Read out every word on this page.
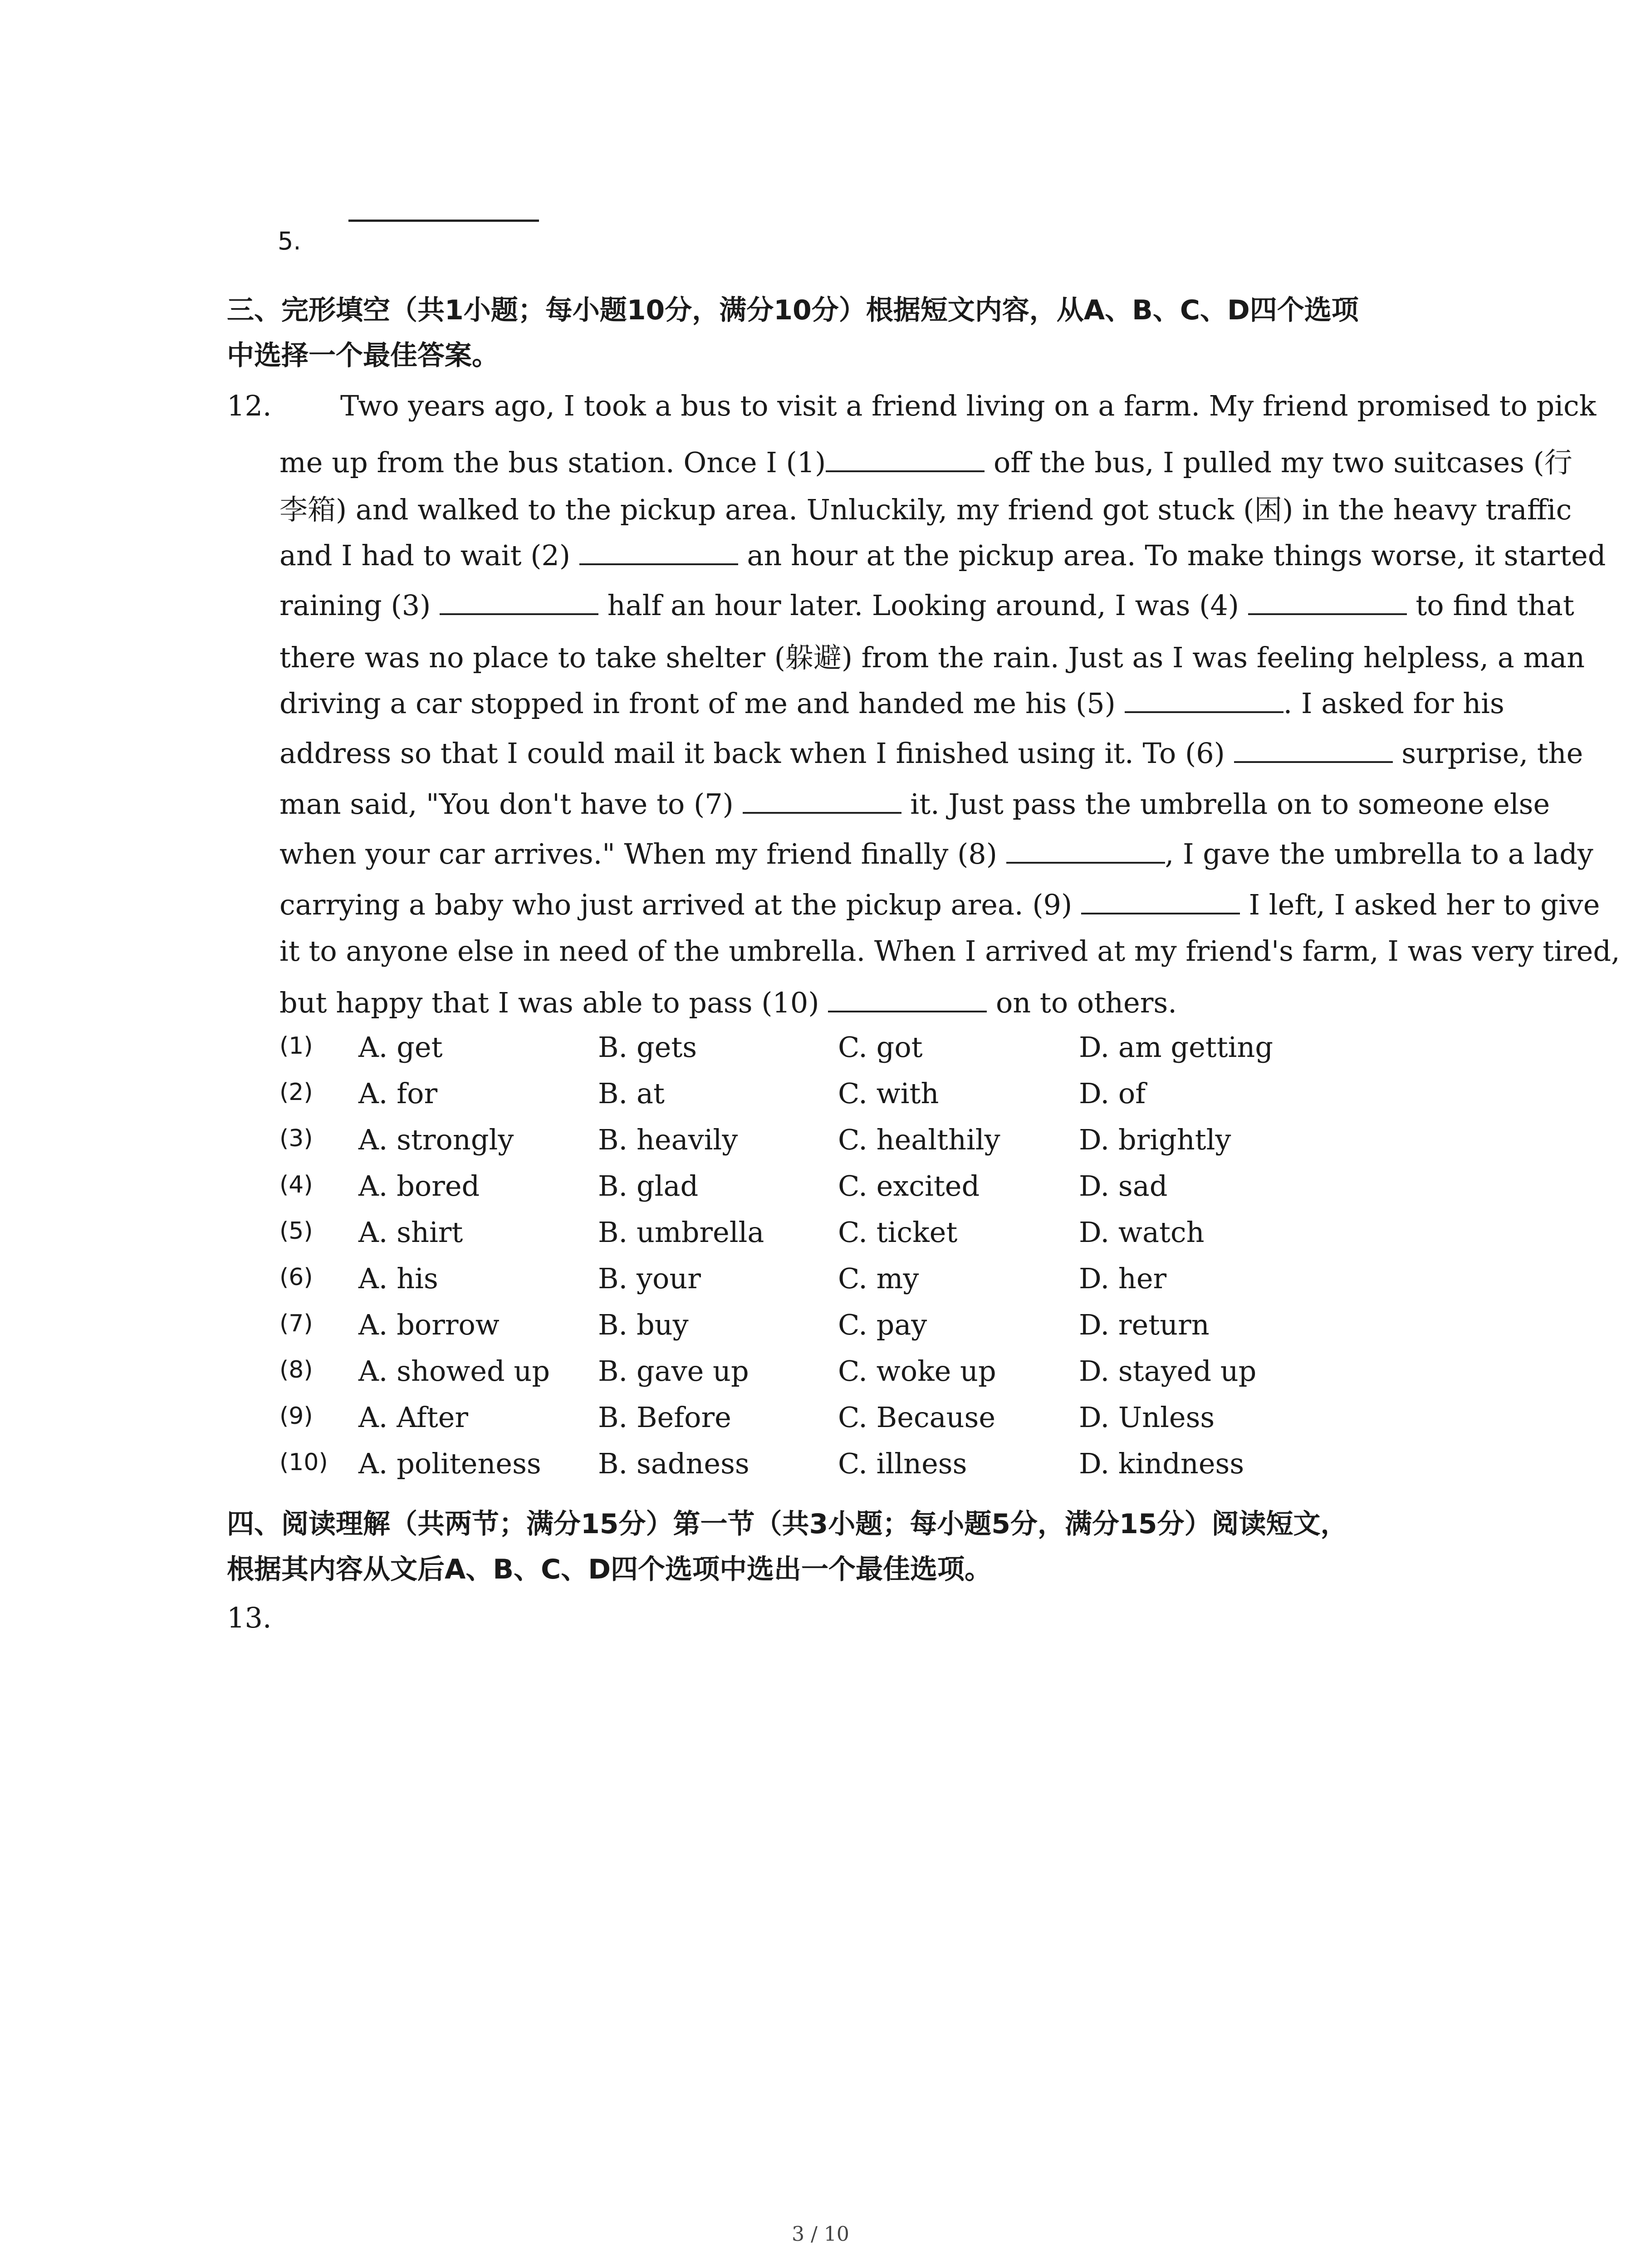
5.
三、完形填空（共1小题；每小题10分，满分10分）根据短文内容，从A、B、C、D四个选项
中选择一个最佳答案。
12. Two years ago, I took a bus to visit a friend living on a farm. My friend promised to pick
me up from the bus station. Once I (1)	off the bus, I pulled my two suitcases (行
李箱) and walked to the pickup area. Unluckily, my friend got stuck (困) in the heavy traffic
and I had to wait (2)	an hour at the pickup area. To make things worse, it started
raining (3)	half an hour later. Looking around, I was (4)	to find that
there was no place to take shelter (躲避) from the rain. Just as I was feeling helpless, a man
driving a car stopped in front of me and handed me his (5)	. I asked for his
address so that I could mail it back when I finished using it. To (6)	surprise, the
man said, "You don't have to (7)	it. Just pass the umbrella on to someone else
when your car arrives." When my friend finally (8)	, I gave the umbrella to a lady
carrying a baby who just arrived at the pickup area. (9)	I left, I asked her to give
it to anyone else in need of the umbrella. When I arrived at my friend's farm, I was very tired,
but happy that I was able to pass (10)	on to others.
(1) A. get	B. gets	C. got	D. am getting
(2) A. for	B. at	C. with	D. of
(3) A. strongly	B. heavily	C. healthily	D. brightly
(4) A. bored	B. glad	C. excited	D. sad
(5) A. shirt	B. umbrella	C. ticket	D. watch
(6) A. his	B. your	C. my	D. her
(7) A. borrow	B. buy	C. pay	D. return
(8) A. showed up B. gave up	C. woke up	D. stayed up
(9) A. After	B. Before	C. Because	D. Unless
(10) A. politeness B. sadness	C. illness	D. kindness
四、阅读理解（共两节；满分15分）第一节（共3小题；每小题5分，满分15分）阅读短文，
根据其内容从文后A、B、C、D四个选项中选出一个最佳选项。
13.
3 / 10
